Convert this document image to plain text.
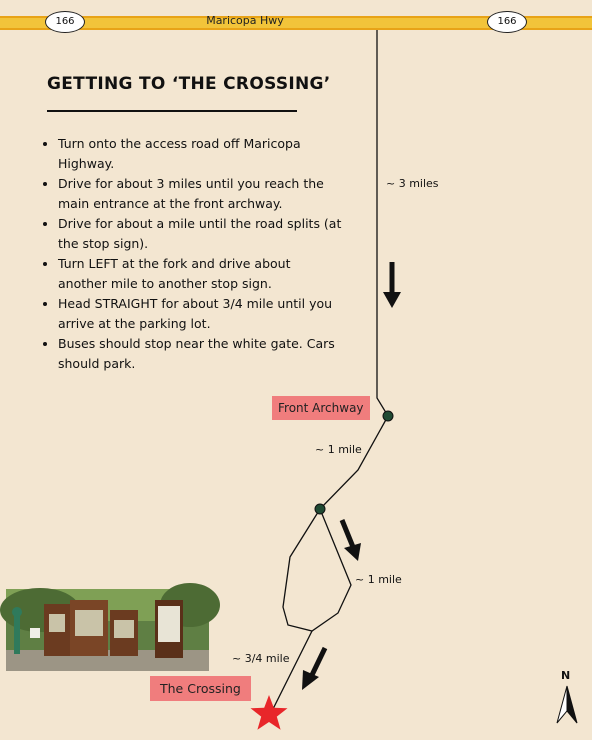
Maricopa Hwy
166	166
GETTING TO ‘THE CROSSING’
• Turn onto the access road off Maricopa Highway.
• Drive for about 3 miles until you reach the main entrance at the front archway.
• Drive for about a mile until the road splits (at the stop sign).
• Turn LEFT at the fork and drive about another mile to another stop sign.
• Head STRAIGHT for about 3/4 mile until you arrive at the parking lot.
• Buses should stop near the white gate. Cars should park.
~ 3 miles
~ 1 mile
~ 1 mile
~ 3/4 mile
Front Archway
The Crossing
N
